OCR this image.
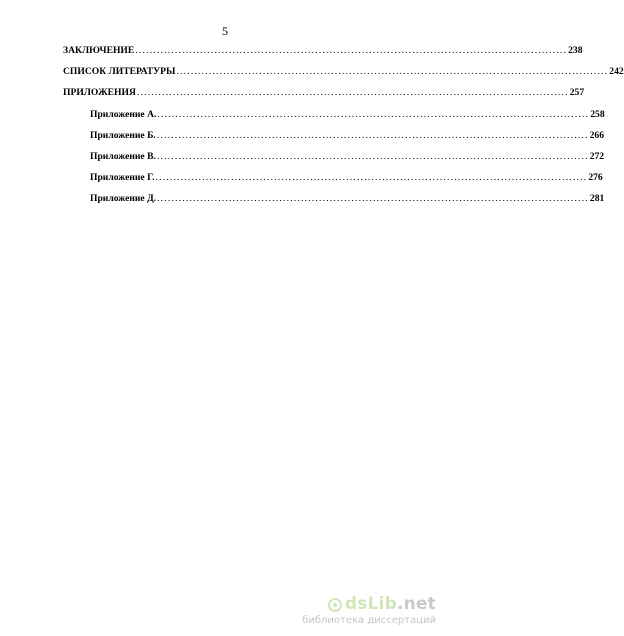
5
ЗАКЛЮЧЕНИЕ ........................................................................................................................ 238
СПИСОК ЛИТЕРАТУРЫ ........................................................................................................................ 242
ПРИЛОЖЕНИЯ ........................................................................................................................ 257
Приложение А. ........................................................................................................................ 258
Приложение Б. ........................................................................................................................ 266
Приложение В. ........................................................................................................................ 272
Приложение Г. ........................................................................................................................ 276
Приложение Д. ........................................................................................................................ 281
dsLib.net
библиотека диссертаций
